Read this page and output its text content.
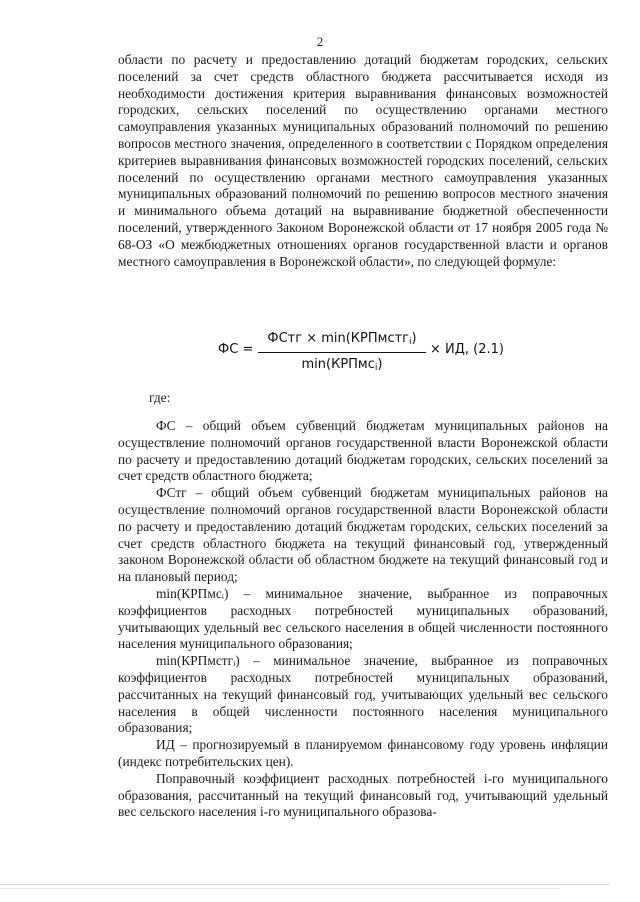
2

области по расчету и предоставлению дотаций бюджетам городских, сельских поселений за счет средств областного бюджета рассчитывается исходя из необходимости достижения критерия выравнивания финансовых возможностей городских, сельских поселений по осуществлению органами местного самоуправления указанных муниципальных образований полномочий по решению вопросов местного значения, определенного в соответствии с Порядком определения критериев выравнивания финансовых возможностей городских поселений, сельских поселений по осуществлению органами местного самоуправления указанных муниципальных образований полномочий по решению вопросов местного значения и минимального объема дотаций на выравнивание бюджетной обеспеченности поселений, утвержденного Законом Воронежской области от 17 ноября 2005 года № 68-ОЗ «О межбюджетных отношениях органов государственной власти и органов местного самоуправления в Воронежской области», по следующей формуле:

ФС =
ФСтг × min(КРПмстг$_i$)
min(КРПмс$_i$)
× ИД, (2.1)
где:

ФС – общий объем субвенций бюджетам муниципальных районов на осуществление полномочий органов государственной власти Воронежской области по расчету и предоставлению дотаций бюджетам городских, сельских поселений за счет средств областного бюджета;

ФСтг – общий объем субвенций бюджетам муниципальных районов на осуществление полномочий органов государственной власти Воронежской области по расчету и предоставлению дотаций бюджетам городских, сельских поселений за счет средств областного бюджета на текущий финансовый год, утвержденный законом Воронежской области об областном бюджете на текущий финансовый год и на плановый период;

min(КРПмсᵢ) – минимальное значение, выбранное из поправочных коэффициентов расходных потребностей муниципальных образований, учитывающих удельный вес сельского населения в общей численности постоянного населения муниципального образования;

min(КРПмстгᵢ) – минимальное значение, выбранное из поправочных коэффициентов расходных потребностей муниципальных образований, рассчитанных на текущий финансовый год, учитывающих удельный вес сельского населения в общей численности постоянного населения муниципального образования;

ИД – прогнозируемый в планируемом финансовому году уровень инфляции (индекс потребительских цен).

Поправочный коэффициент расходных потребностей i-го муниципального образования, рассчитанный на текущий финансовый год, учитывающий удельный вес сельского населения i-го муниципального образова-
